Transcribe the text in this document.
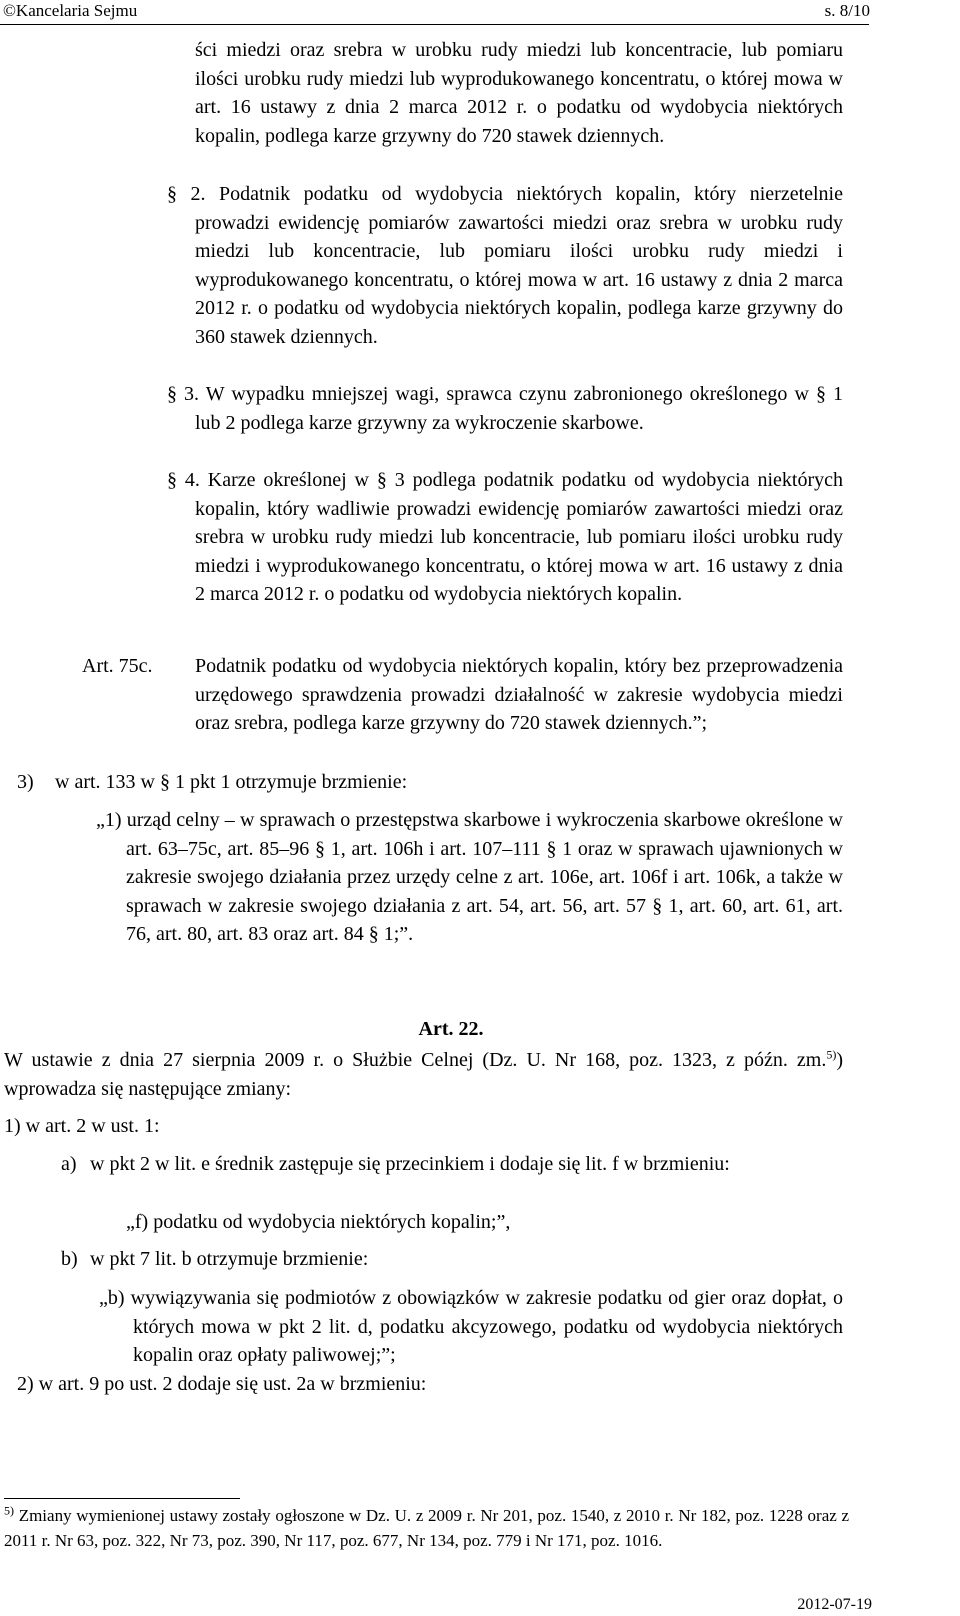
©Kancelaria Sejmu	s. 8/10

ści miedzi oraz srebra w urobku rudy miedzi lub koncentracie, lub pomiaru ilości urobku rudy miedzi lub wyprodukowanego koncentratu, o której mowa w art. 16 ustawy z dnia 2 marca 2012 r. o podatku od wydobycia niektórych kopalin, podlega karze grzywny do 720 stawek dziennych.

§ 2. Podatnik podatku od wydobycia niektórych kopalin, który nierzetelnie prowadzi ewidencję pomiarów zawartości miedzi oraz srebra w urobku rudy miedzi lub koncentracie, lub pomiaru ilości urobku rudy miedzi i wyprodukowanego koncentratu, o której mowa w art. 16 ustawy z dnia 2 marca 2012 r. o podatku od wydobycia niektórych kopalin, podlega karze grzywny do 360 stawek dziennych.

§ 3. W wypadku mniejszej wagi, sprawca czynu zabronionego określonego w § 1 lub 2 podlega karze grzywny za wykroczenie skarbowe.

§ 4. Karze określonej w § 3 podlega podatnik podatku od wydobycia niektórych kopalin, który wadliwie prowadzi ewidencję pomiarów zawartości miedzi oraz srebra w urobku rudy miedzi lub koncentracie, lub pomiaru ilości urobku rudy miedzi i wyprodukowanego koncentratu, o której mowa w art. 16 ustawy z dnia 2 marca 2012 r. o podatku od wydobycia niektórych kopalin.

Art. 75c. Podatnik podatku od wydobycia niektórych kopalin, który bez przeprowadzenia urzędowego sprawdzenia prowadzi działalność w zakresie wydobycia miedzi oraz srebra, podlega karze grzywny do 720 stawek dziennych.”;

3) w art. 133 w § 1 pkt 1 otrzymuje brzmienie:

„1) urząd celny – w sprawach o przestępstwa skarbowe i wykroczenia skarbowe określone w art. 63–75c, art. 85–96 § 1, art. 106h i art. 107–111 § 1 oraz w sprawach ujawnionych w zakresie swojego działania przez urzędy celne z art. 106e, art. 106f i art. 106k, a także w sprawach w zakresie swojego działania z art. 54, art. 56, art. 57 § 1, art. 60, art. 61, art. 76, art. 80, art. 83 oraz art. 84 § 1;”.

Art. 22.

W ustawie z dnia 27 sierpnia 2009 r. o Służbie Celnej (Dz. U. Nr 168, poz. 1323, z późn. zm.$^{5)}$) wprowadza się następujące zmiany:

1) w art. 2 w ust. 1:

a) w pkt 2 w lit. e średnik zastępuje się przecinkiem i dodaje się lit. f w brzmieniu:

„f) podatku od wydobycia niektórych kopalin;”,

b) w pkt 7 lit. b otrzymuje brzmienie:

„b) wywiązywania się podmiotów z obowiązków w zakresie podatku od gier oraz dopłat, o których mowa w pkt 2 lit. d, podatku akcyzowego, podatku od wydobycia niektórych kopalin oraz opłaty paliwowej;”;

2) w art. 9 po ust. 2 dodaje się ust. 2a w brzmieniu:

$^{5)}$ Zmiany wymienionej ustawy zostały ogłoszone w Dz. U. z 2009 r. Nr 201, poz. 1540, z 2010 r. Nr 182, poz. 1228 oraz z 2011 r. Nr 63, poz. 322, Nr 73, poz. 390, Nr 117, poz. 677, Nr 134, poz. 779 i Nr 171, poz. 1016.
2012-07-19
